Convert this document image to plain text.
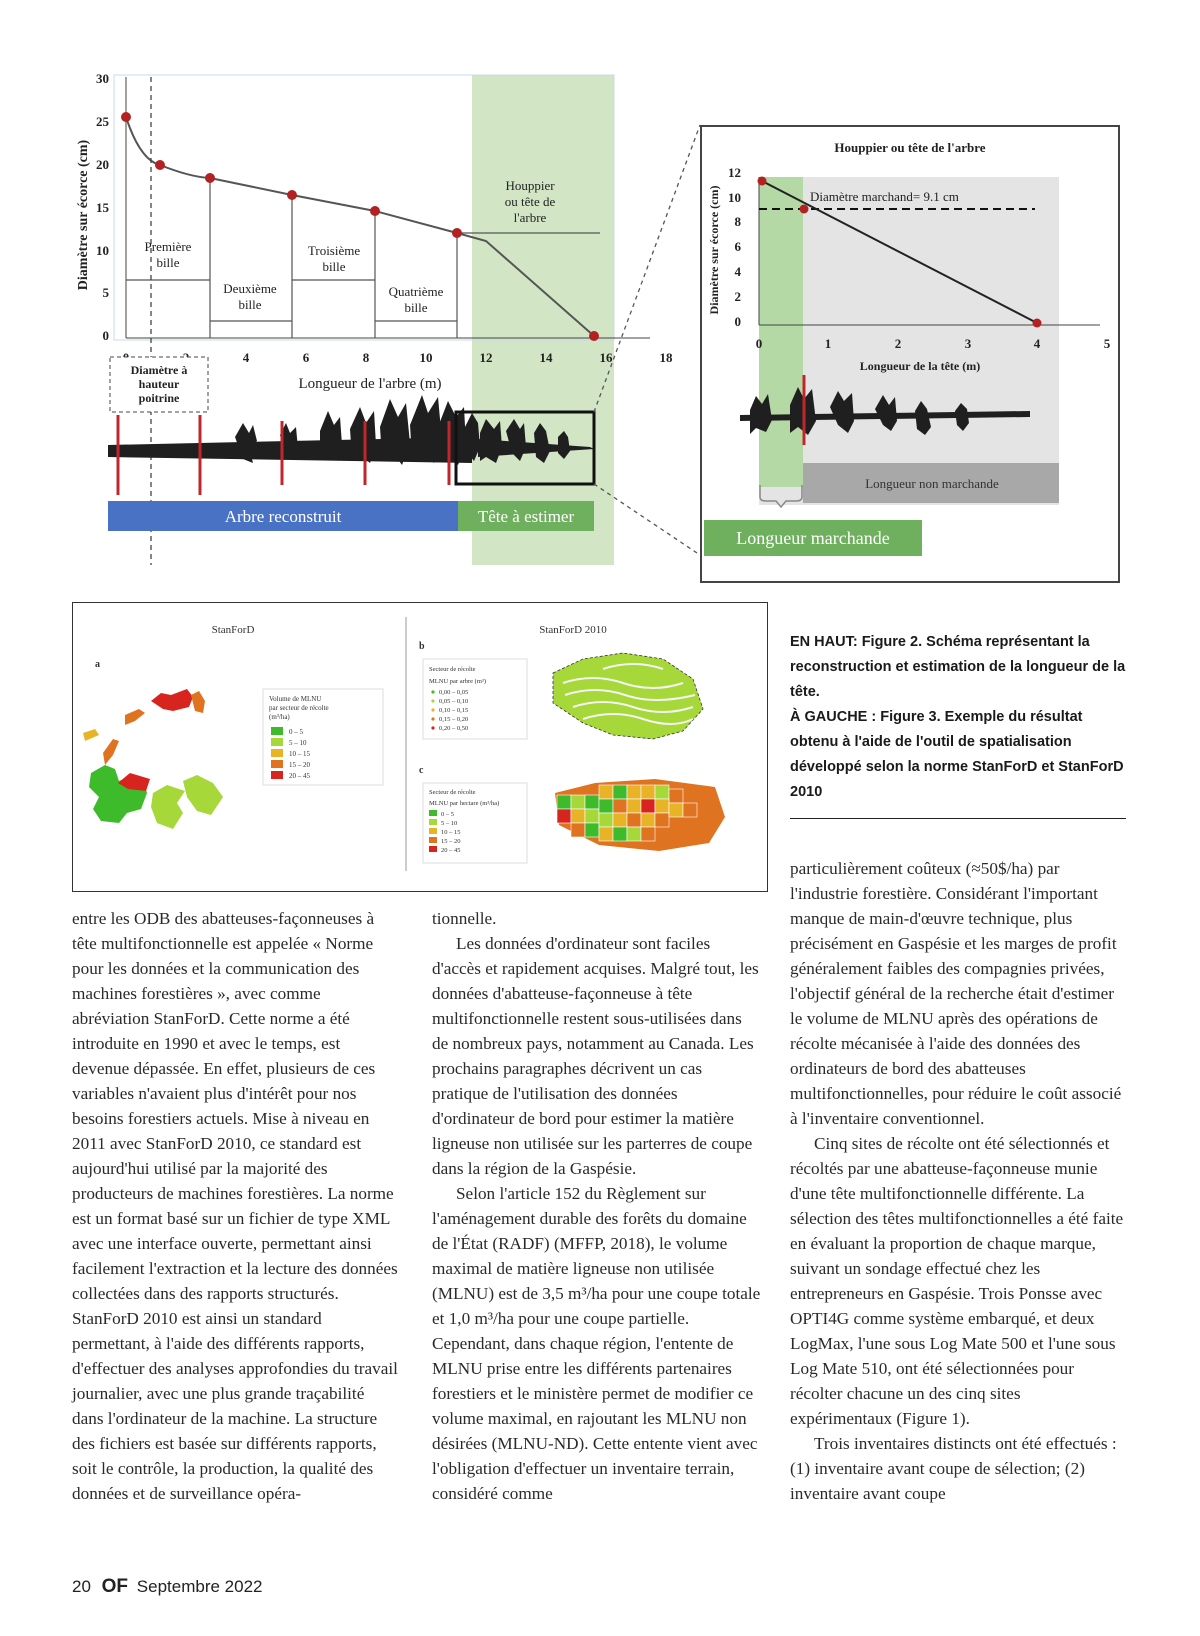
30
25
20
15
10
5
0
Diamètre sur écorce (cm)
4	6	8	10	12	14	16	18
Longueur de l'arbre (m)
Première
bille
Deuxième
bille
Troisième
bille
Quatrième
bille
Houppier
ou tête de
l'arbre
Diamètre à
hauteur
poitrine
Arbre reconstruit	Tête à estimer
Houppier ou tête de l'arbre
12
10
8
6
4
2
0
Diamètre sur écorce (cm)
0	1	2	3	4	5
Longueur de la tête (m)
Diamètre marchand= 9.1 cm
Longueur non marchande
Longueur marchande
StanForD	StanForD 2010
a
b
c
Volume de MLNU
par secteur de récolte
(m³/ha)
0 – 5
5 – 10
10 – 15
15 – 20
20 – 45
Secteur de récolte
MLNU par arbre (m³)
0,00 – 0,05
0,05 – 0,10
0,10 – 0,15
0,15 – 0,20
0,20 – 0,50
Secteur de récolte
MLNU par hectare (m³/ha)
0 – 5
5 – 10
10 – 15
15 – 20
20 – 45
EN HAUT: Figure 2. Schéma représentant la reconstruction et estimation de la longueur de la tête.
À GAUCHE : Figure 3. Exemple du résultat obtenu à l'aide de l'outil de spatialisation développé selon la norme StanForD et StanForD 2010

entre les ODB des abatteuses-façonneuses à tête multifonctionnelle est appelée « Norme pour les données et la communication des machines forestières », avec comme abréviation StanForD. Cette norme a été introduite en 1990 et avec le temps, est devenue dépassée. En effet, plusieurs de ces variables n'avaient plus d'intérêt pour nos besoins forestiers actuels. Mise à niveau en 2011 avec StanForD 2010, ce standard est aujourd'hui utilisé par la majorité des producteurs de machines forestières. La norme est un format basé sur un fichier de type XML avec une interface ouverte, permettant ainsi facilement l'extraction et la lecture des données collectées dans des rapports structurés. StanForD 2010 est ainsi un standard permettant, à l'aide des différents rapports, d'effectuer des analyses approfondies du travail journalier, avec une plus grande traçabilité dans l'ordinateur de la machine. La structure des fichiers est basée sur différents rapports, soit le contrôle, la production, la qualité des données et de surveillance opéra-

tionnelle.

Les données d'ordinateur sont faciles d'accès et rapidement acquises. Malgré tout, les données d'abatteuse-façonneuse à tête multifonctionnelle restent sous-utilisées dans de nombreux pays, notamment au Canada. Les prochains paragraphes décrivent un cas pratique de l'utilisation des données d'ordinateur de bord pour estimer la matière ligneuse non utilisée sur les parterres de coupe dans la région de la Gaspésie.

Selon l'article 152 du Règlement sur l'aménagement durable des forêts du domaine de l'État (RADF) (MFFP, 2018), le volume maximal de matière ligneuse non utilisée (MLNU) est de 3,5 m³/ha pour une coupe totale et 1,0 m³/ha pour une coupe partielle. Cependant, dans chaque région, l'entente de MLNU prise entre les différents partenaires forestiers et le ministère permet de modifier ce volume maximal, en rajoutant les MLNU non désirées (MLNU-ND). Cette entente vient avec l'obligation d'effectuer un inventaire terrain, considéré comme

particulièrement coûteux (≈50$/ha) par l'industrie forestière. Considérant l'important manque de main-d'œuvre technique, plus précisément en Gaspésie et les marges de profit généralement faibles des compagnies privées, l'objectif général de la recherche était d'estimer le volume de MLNU après des opérations de récolte mécanisée à l'aide des données des ordinateurs de bord des abatteuses multifonctionnelles, pour réduire le coût associé à l'inventaire conventionnel.

Cinq sites de récolte ont été sélectionnés et récoltés par une abatteuse-façonneuse munie d'une tête multifonctionnelle différente. La sélection des têtes multifonctionnelles a été faite en évaluant la proportion de chaque marque, suivant un sondage effectué chez les entrepreneurs en Gaspésie. Trois Ponsse avec OPTI4G comme système embarqué, et deux LogMax, l'une sous Log Mate 500 et l'une sous Log Mate 510, ont été sélectionnées pour récolter chacune un des cinq sites expérimentaux (Figure 1).

Trois inventaires distincts ont été effectués : (1) inventaire avant coupe de sélection; (2) inventaire avant coupe

20 OF Septembre 2022
